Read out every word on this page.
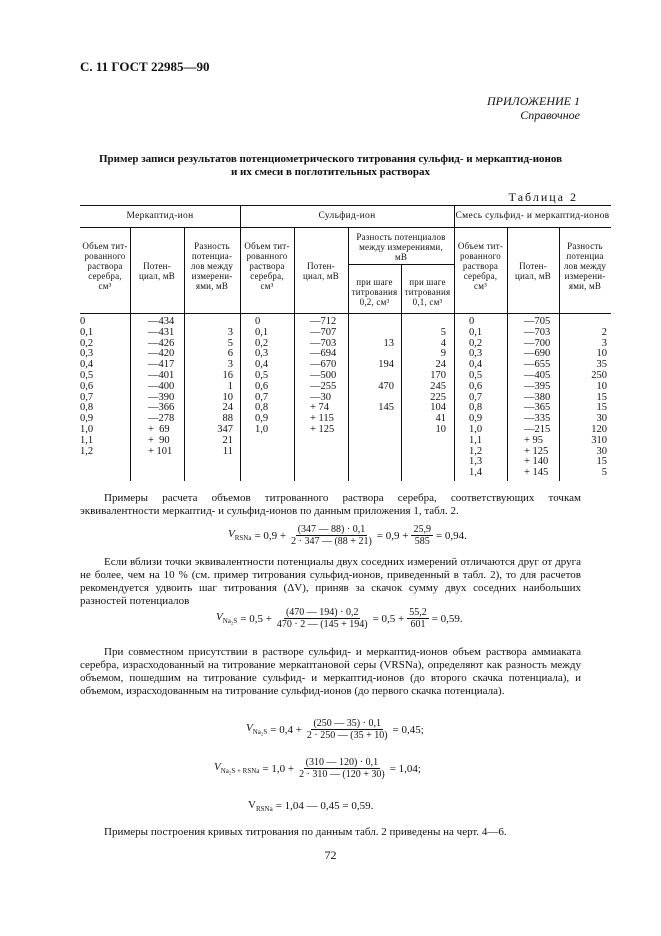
С. 11 ГОСТ 22985—90
ПРИЛОЖЕНИЕ 1
Справочное
Пример записи результатов потенциометрического титрования сульфид- и меркаптид-ионов
и их смеси в поглотительных растворах
Таблица 2
Меркаптид-ион	Сульфид-ион	Смесь сульфид- и меркаптид-ионов
Объем тит-
рованного
раствора
серебра,
см³
Потен-
циал, мВ
Разность
потенциа-
лов между
измерени-
ями, мВ
Объем тит-
рованного
раствора
серебра,
см³
Потен-
циал, мВ
Разность потенциалов
между измерениями,
мВ
при шаге
титрования
0,2, см³
при шаге
титрования
0,1, см³
Объем тит-
рованного
раствора
серебра,
см³
Потен-
циал, мВ
Разность
потенциа
лов между
измерени-
ями, мВ
0
0,1
0,2
0,3
0,4
0,5
0,6
0,7
0,8
0,9
1,0
1,1
1,2
—434
—431
—426
—420
—417
—401
—400
—390
—366
—278
+  69
+  90
+ 101
3
5
6
3
16
1
10
24
88
347
21
11
0
0,1
0,2
0,3
0,4
0,5
0,6
0,7
0,8
0,9
1,0
—712
—707
—703
—694
—670
—500
—255
—30
+ 74
+ 115
+ 125
13
194
470
145
5
4
9
24
170
245
225
104
41
10
0
0,1
0,2
0,3
0,4
0,5
0,6
0,7
0,8
0,9
1,0
1,1
1,2
1,3
1,4
—705
—703
—700
—690
—655
—405
—395
—380
—365
—335
—215
+ 95
+ 125
+ 140
+ 145
2
3
10
35
250
10
15
15
30
120
310
30
15
5
Примеры расчета объемов титрованного раствора серебра, соответствующих точкам эквивалентности меркаптид- и сульфид-ионов по данным приложения 1, табл. 2.
$V_{RSNa} = 0,9 + \frac{(347 — 88) \cdot 0,1}{2 \cdot 347 — (88 + 21)} = 0,9 + \frac{25,9}{585} = 0,94$.
Если вблизи точки эквивалентности потенциалы двух соседних измерений отличаются друг от друга не более, чем на 10 % (см. пример титрования сульфид-ионов, приведенный в табл. 2), то для расчетов рекомендуется удвоить шаг титрования (ΔV), приняв за скачок сумму двух соседних наибольших разностей потенциалов
$V_{Na_2S} = 0,5 + \frac{(470 — 194) \cdot 0,2}{470 \cdot 2 — (145 + 194)} = 0,5 + \frac{55,2}{601} = 0,59$.
При совместном присутствии в растворе сульфид- и меркаптид-ионов объем раствора аммиаката серебра, израсходованный на титрование меркаптановой серы (VRSNa), определяют как разность между объемом, пошедшим на титрование сульфид- и меркаптид-ионов (до второго скачка потенциала), и объемом, израсходованным на титрование сульфид-ионов (до первого скачка потенциала).
$V_{Na_2S} = 0,4 + \frac{(250 — 35) \cdot 0,1}{2 \cdot 250 — (35 + 10)} = 0,45$;
$V_{Na_2S + RSNa} = 1,0 + \frac{(310 — 120) \cdot 0,1}{2 \cdot 310 — (120 + 30)} = 1,04$;
$V_{RSNa} = 1,04$ — 0,45 = 0,59.
Примеры построения кривых титрования по данным табл. 2 приведены на черт. 4—6.
72
